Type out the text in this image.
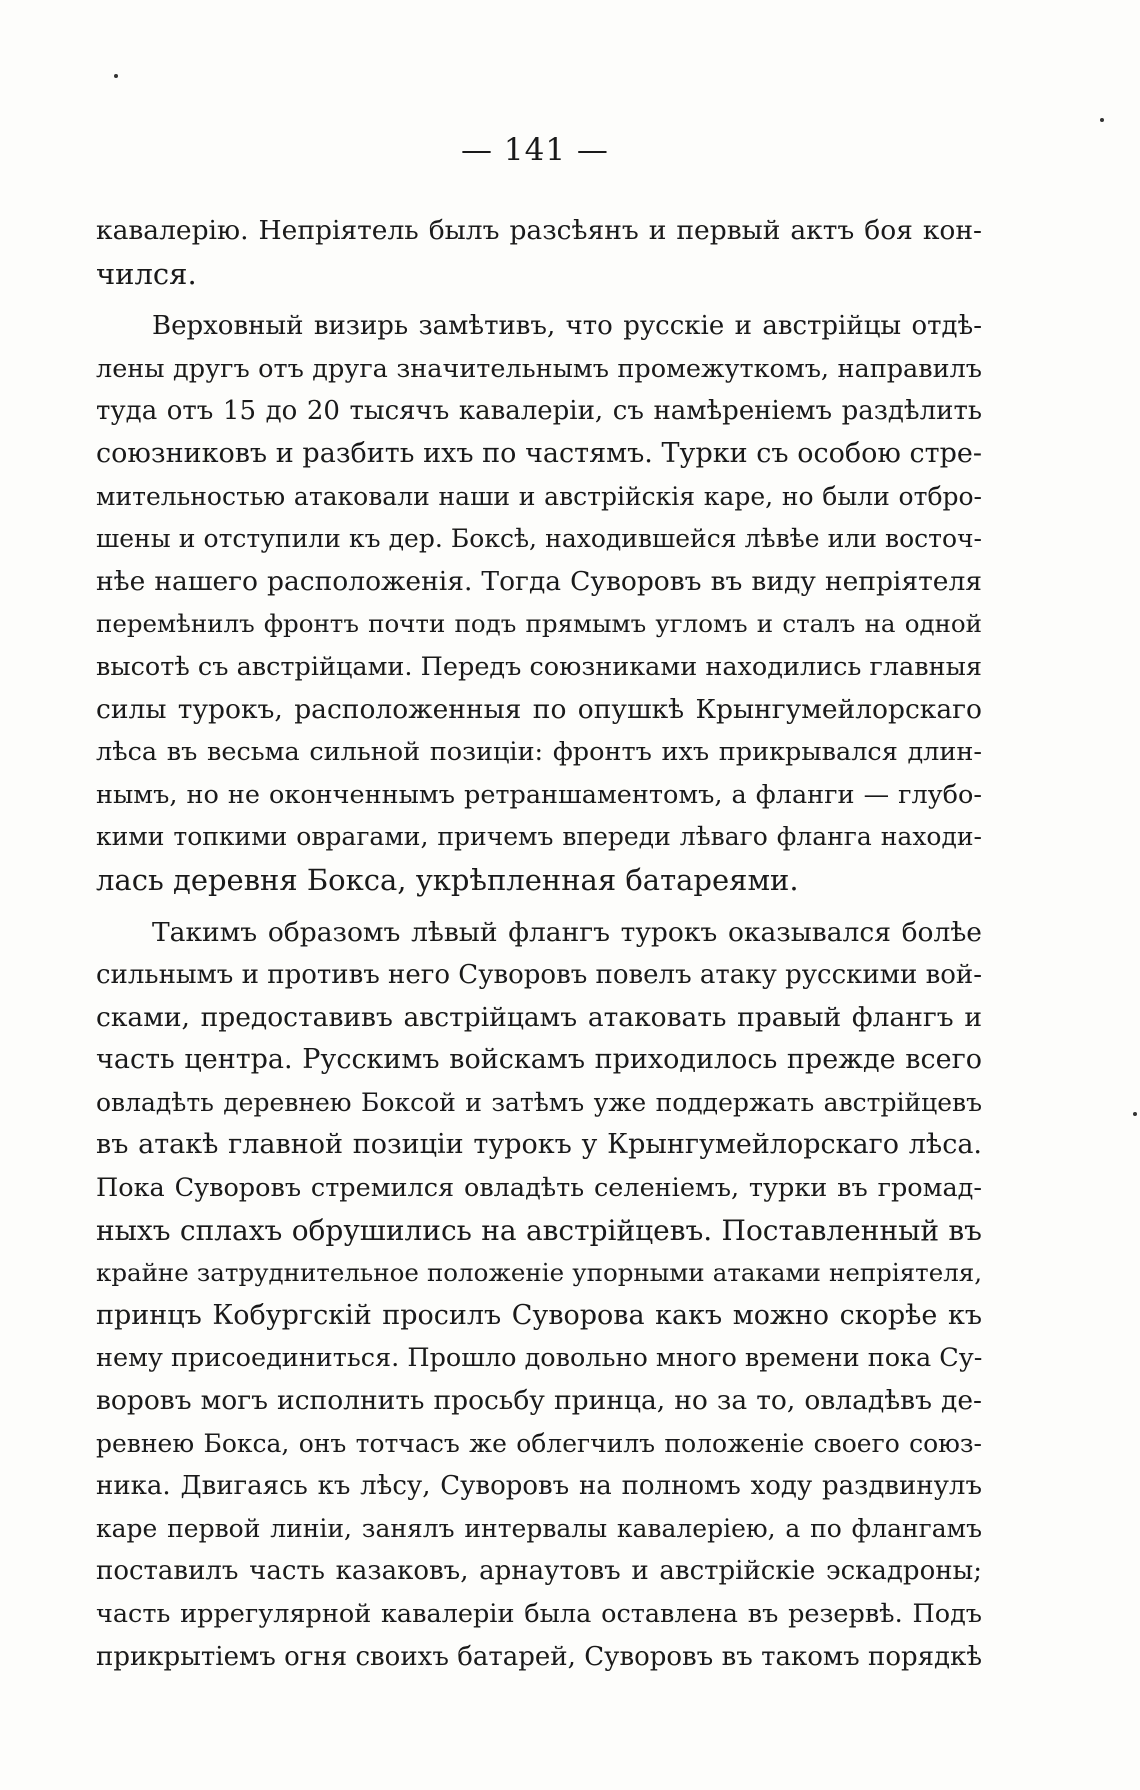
— 141 —
кавалерію. Непріятель былъ разсѣянъ и первый актъ боя кон-
чился.
Верховный визирь замѣтивъ, что русскіе и австрійцы отдѣ-
лены другъ отъ друга значительнымъ промежуткомъ, направилъ
туда отъ 15 до 20 тысячъ кавалеріи, съ намѣреніемъ раздѣлить
союзниковъ и разбить ихъ по частямъ. Турки съ особою стре-
мительностью атаковали наши и австрійскія каре, но были отбро-
шены и отступили къ дер. Боксѣ, находившейся лѣвѣе или восточ-
нѣе нашего расположенія. Тогда Суворовъ въ виду непріятеля
перемѣнилъ фронтъ почти подъ прямымъ угломъ и сталъ на одной
высотѣ съ австрійцами. Передъ союзниками находились главныя
силы турокъ, расположенныя по опушкѣ Крынгумейлорскаго
лѣса въ весьма сильной позиціи: фронтъ ихъ прикрывался длин-
нымъ, но не оконченнымъ ретраншаментомъ, а фланги — глубо-
кими топкими оврагами, причемъ впереди лѣваго фланга находи-
лась деревня Бокса, укрѣпленная батареями.
Такимъ образомъ лѣвый флангъ турокъ оказывался болѣе
сильнымъ и противъ него Суворовъ повелъ атаку русскими вой-
сками, предоставивъ австрійцамъ атаковать правый флангъ и
часть центра. Русскимъ войскамъ приходилось прежде всего
овладѣть деревнею Боксой и затѣмъ уже поддержать австрійцевъ
въ атакѣ главной позиціи турокъ у Крынгумейлорскаго лѣса.
Пока Суворовъ стремился овладѣть селеніемъ, турки въ громад-
ныхъ сплахъ обрушились на австрійцевъ. Поставленный въ
крайне затруднительное положеніе упорными атаками непріятеля,
принцъ Кобургскій просилъ Суворова какъ можно скорѣе къ
нему присоединиться. Прошло довольно много времени пока Су-
воровъ могъ исполнить просьбу принца, но за то, овладѣвъ де-
ревнею Бокса, онъ тотчасъ же облегчилъ положеніе своего союз-
ника. Двигаясь къ лѣсу, Суворовъ на полномъ ходу раздвинулъ
каре первой линіи, занялъ интервалы кавалеріею, а по флангамъ
поставилъ часть казаковъ, арнаутовъ и австрійскіе эскадроны;
часть иррегулярной кавалеріи была оставлена въ резервѣ. Подъ
прикрытіемъ огня своихъ батарей, Суворовъ въ такомъ порядкѣ
